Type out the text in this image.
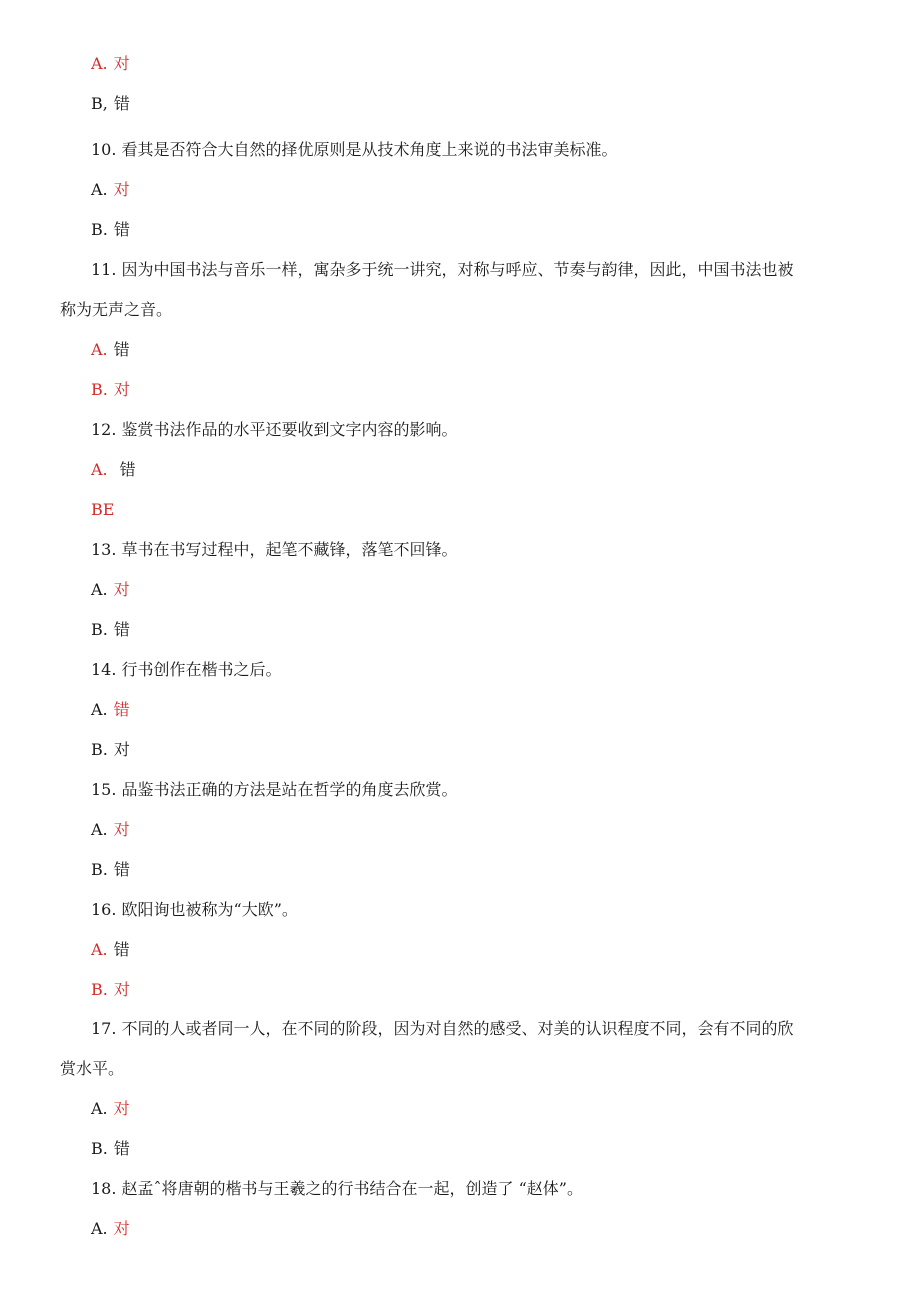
A. 对
B, 错
10. 看其是否符合大自然的择优原则是从技术角度上来说的书法审美标准。
A. 对
B. 错
11. 因为中国书法与音乐一样，寓杂多于统一讲究，对称与呼应、节奏与韵律，因此，中国书法也被
称为无声之音。
A. 错
B. 对
12. 鉴赏书法作品的水平还要收到文字内容的影响。
A. 错
BE
13. 草书在书写过程中，起笔不藏锋，落笔不回锋。
A. 对
B. 错
14. 行书创作在楷书之后。
A. 错
B. 对
15. 品鉴书法正确的方法是站在哲学的角度去欣赏。
A. 对
B. 错
16. 欧阳询也被称为“大欧”。
A. 错
B. 对
17. 不同的人或者同一人，在不同的阶段，因为对自然的感受、对美的认识程度不同，会有不同的欣
赏水平。
A. 对
B. 错
18. 赵孟ˆ将唐朝的楷书与王羲之的行书结合在一起，创造了 “赵体”。
A. 对
